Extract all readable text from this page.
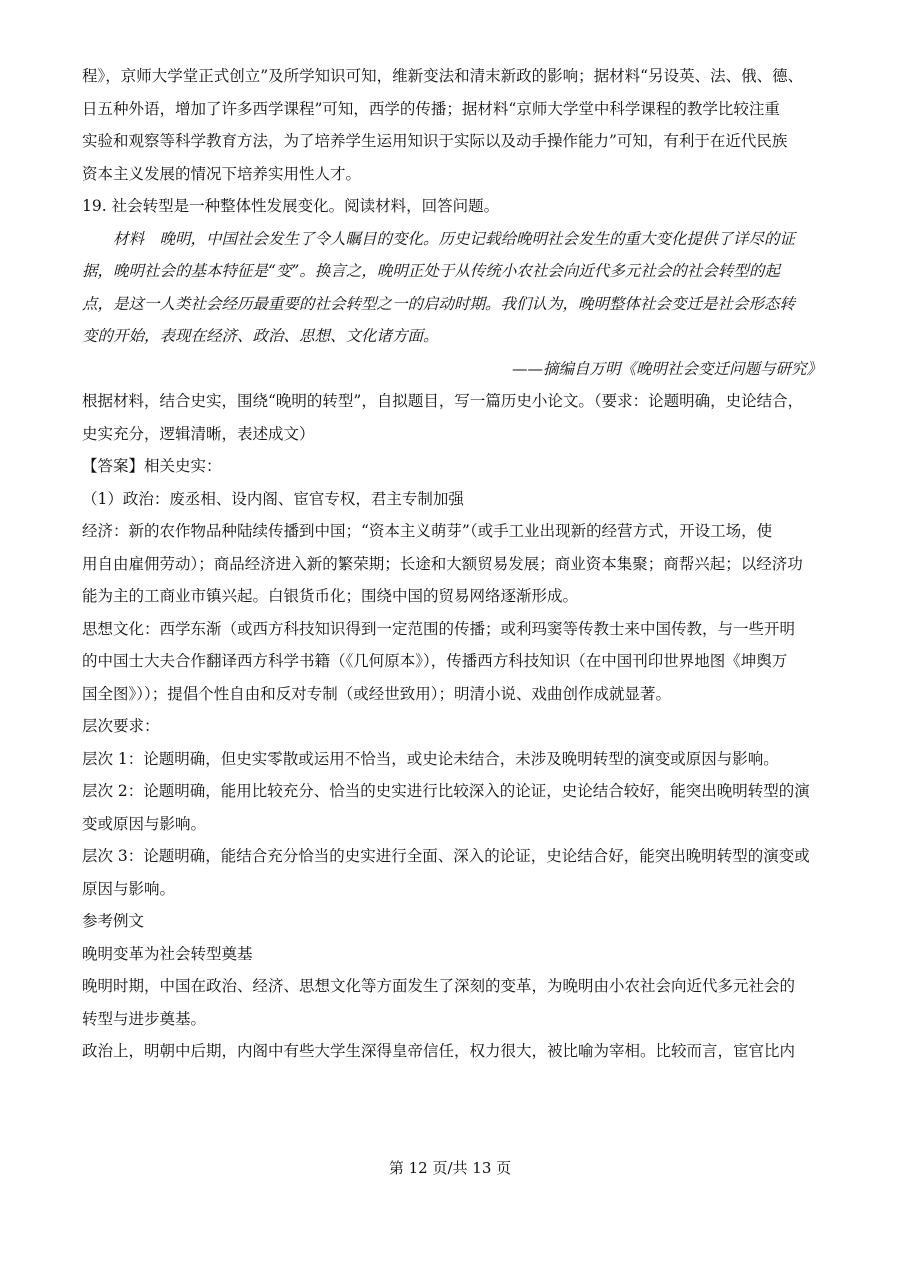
程》，京师大学堂正式创立”及所学知识可知，维新变法和清末新政的影响；据材料“另设英、法、俄、德、

日五种外语，增加了许多西学课程”可知，西学的传播；据材料“京师大学堂中科学课程的教学比较注重

实验和观察等科学教育方法，为了培养学生运用知识于实际以及动手操作能力”可知，有利于在近代民族

资本主义发展的情况下培养实用性人才。

19. 社会转型是一种整体性发展变化。阅读材料，回答问题。

材料　晚明，中国社会发生了令人瞩目的变化。历史记载给晚明社会发生的重大变化提供了详尽的证

据，晚明社会的基本特征是“变”。换言之，晚明正处于从传统小农社会向近代多元社会的社会转型的起

点，是这一人类社会经历最重要的社会转型之一的启动时期。我们认为，晚明整体社会变迁是社会形态转

变的开始，表现在经济、政治、思想、文化诸方面。

——摘编自万明《晚明社会变迁问题与研究》

根据材料，结合史实，围绕“晚明的转型”，自拟题目，写一篇历史小论文。（要求：论题明确，史论结合，

史实充分，逻辑清晰，表述成文）

【答案】相关史实：

（1）政治：废丞相、设内阁、宦官专权，君主专制加强

经济：新的农作物品种陆续传播到中国；“资本主义萌芽”（或手工业出现新的经营方式，开设工场，使

用自由雇佣劳动）；商品经济进入新的繁荣期；长途和大额贸易发展；商业资本集聚；商帮兴起；以经济功

能为主的工商业市镇兴起。白银货币化；围绕中国的贸易网络逐渐形成。

思想文化：西学东渐（或西方科技知识得到一定范围的传播；或利玛窦等传教士来中国传教，与一些开明

的中国士大夫合作翻译西方科学书籍（《几何原本》），传播西方科技知识（在中国刊印世界地图《坤舆万

国全图》））；提倡个性自由和反对专制（或经世致用）；明清小说、戏曲创作成就显著。

层次要求：

层次 1：论题明确，但史实零散或运用不恰当，或史论未结合，未涉及晚明转型的演变或原因与影响。

层次 2：论题明确，能用比较充分、恰当的史实进行比较深入的论证，史论结合较好，能突出晚明转型的演

变或原因与影响。

层次 3：论题明确，能结合充分恰当的史实进行全面、深入的论证，史论结合好，能突出晚明转型的演变或

原因与影响。

参考例文

晚明变革为社会转型奠基

晚明时期，中国在政治、经济、思想文化等方面发生了深刻的变革，为晚明由小农社会向近代多元社会的

转型与进步奠基。

政治上，明朝中后期，内阁中有些大学生深得皇帝信任，权力很大，被比喻为宰相。比较而言，宦官比内

第 12 页/共 13 页
